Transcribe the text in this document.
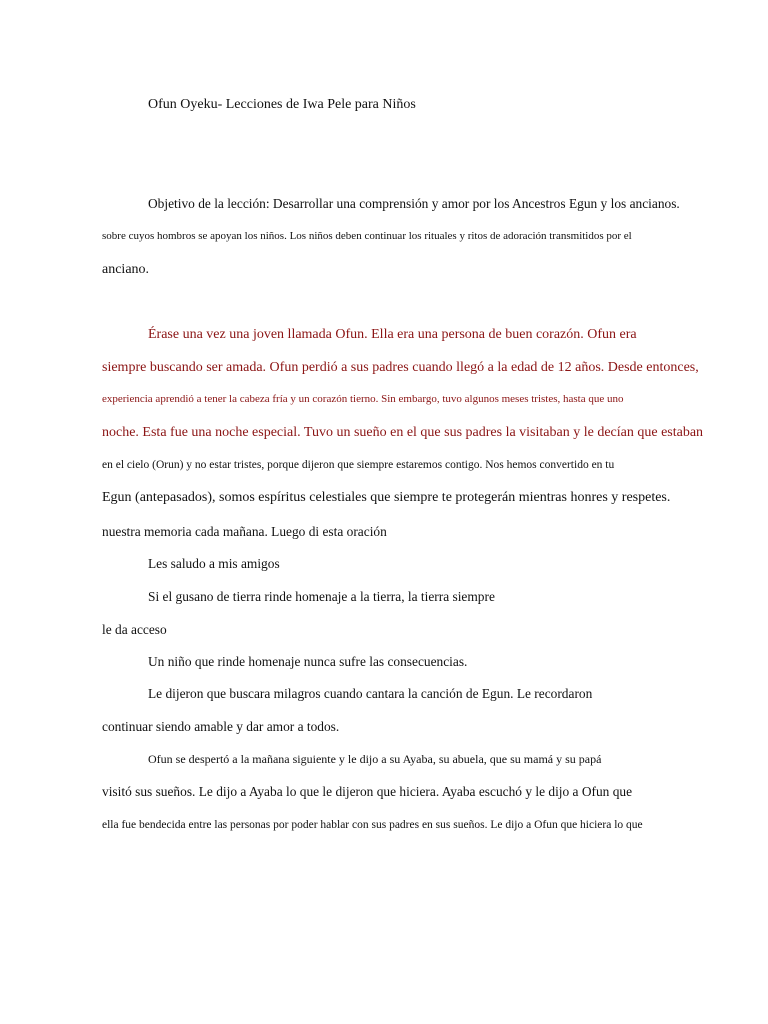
Ofun Oyeku- Lecciones de Iwa Pele para Niños
Objetivo de la lección: Desarrollar una comprensión y amor por los Ancestros Egun y los ancianos.
sobre cuyos hombros se apoyan los niños. Los niños deben continuar los rituales y ritos de adoración transmitidos por el
anciano.
Érase una vez una joven llamada Ofun. Ella era una persona de buen corazón. Ofun era
siempre buscando ser amada. Ofun perdió a sus padres cuando llegó a la edad de 12 años. Desde entonces,
experiencia aprendió a tener la cabeza fría y un corazón tierno. Sin embargo, tuvo algunos meses tristes, hasta que uno
noche. Esta fue una noche especial. Tuvo un sueño en el que sus padres la visitaban y le decían que estaban
en el cielo (Orun) y no estar tristes, porque dijeron que siempre estaremos contigo. Nos hemos convertido en tu
Egun (antepasados), somos espíritus celestiales que siempre te protegerán mientras honres y respetes.
nuestra memoria cada mañana. Luego di esta oración
Les saludo a mis amigos
Si el gusano de tierra rinde homenaje a la tierra, la tierra siempre
le da acceso
Un niño que rinde homenaje nunca sufre las consecuencias.
Le dijeron que buscara milagros cuando cantara la canción de Egun. Le recordaron
continuar siendo amable y dar amor a todos.
Ofun se despertó a la mañana siguiente y le dijo a su Ayaba, su abuela, que su mamá y su papá
visitó sus sueños. Le dijo a Ayaba lo que le dijeron que hiciera. Ayaba escuchó y le dijo a Ofun que
ella fue bendecida entre las personas por poder hablar con sus padres en sus sueños. Le dijo a Ofun que hiciera lo que
